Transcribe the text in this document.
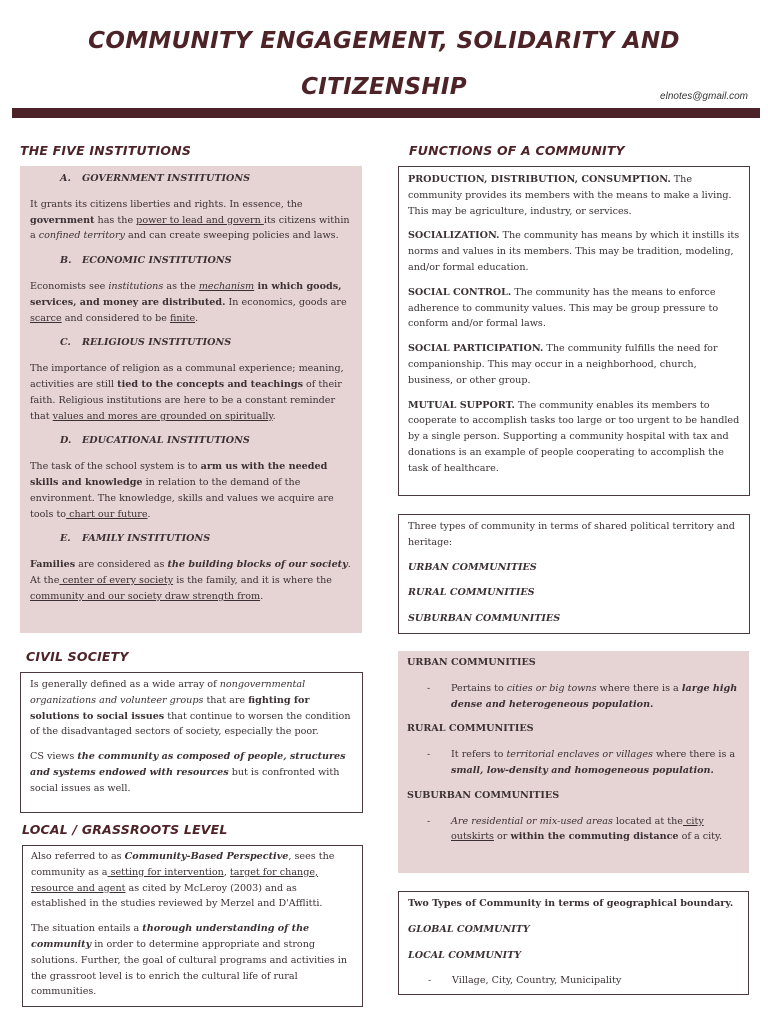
COMMUNITY ENGAGEMENT, SOLIDARITY AND
CITIZENSHIP	elnotes@gmail.com
THE FIVE INSTITUTIONS

A. GOVERNMENT INSTITUTIONS

It grants its citizens liberties and rights. In essence, the government has the power to lead and govern its citizens within a confined territory and can create sweeping policies and laws.

B. ECONOMIC INSTITUTIONS

Economists see institutions as the mechanism in which goods, services, and money are distributed. In economics, goods are scarce and considered to be finite.

C. RELIGIOUS INSTITUTIONS

The importance of religion as a communal experience; meaning, activities are still tied to the concepts and teachings of their faith. Religious institutions are here to be a constant reminder that values and mores are grounded on spiritually.

D. EDUCATIONAL INSTITUTIONS

The task of the school system is to arm us with the needed skills and knowledge in relation to the demand of the environment. The knowledge, skills and values we acquire are tools to chart our future.

E. FAMILY INSTITUTIONS

Families are considered as the building blocks of our society. At the center of every society is the family, and it is where the community and our society draw strength from.

CIVIL SOCIETY

Is generally defined as a wide array of nongovernmental organizations and volunteer groups that are fighting for solutions to social issues that continue to worsen the condition of the disadvantaged sectors of society, especially the poor.

CS views the community as composed of people, structures and systems endowed with resources but is confronted with social issues as well.

LOCAL / GRASSROOTS LEVEL

Also referred to as Community-Based Perspective, sees the community as a setting for intervention, target for change, resource and agent as cited by McLeroy (2003) and as established in the studies reviewed by Merzel and D'Afflitti.

The situation entails a thorough understanding of the community in order to determine appropriate and strong solutions. Further, the goal of cultural programs and activities in the grassroot level is to enrich the cultural life of rural communities.

FUNCTIONS OF A COMMUNITY

PRODUCTION, DISTRIBUTION, CONSUMPTION. The community provides its members with the means to make a living. This may be agriculture, industry, or services.

SOCIALIZATION. The community has means by which it instills its norms and values in its members. This may be tradition, modeling, and/or formal education.

SOCIAL CONTROL. The community has the means to enforce adherence to community values. This may be group pressure to conform and/or formal laws.

SOCIAL PARTICIPATION. The community fulfills the need for companionship. This may occur in a neighborhood, church, business, or other group.

MUTUAL SUPPORT. The community enables its members to cooperate to accomplish tasks too large or too urgent to be handled by a single person. Supporting a community hospital with tax and donations is an example of people cooperating to accomplish the task of healthcare.

Three types of community in terms of shared political territory and heritage:

URBAN COMMUNITIES

RURAL COMMUNITIES

SUBURBAN COMMUNITIES

URBAN COMMUNITIES

-	Pertains to cities or big towns where there is a large high dense and heterogeneous population.

RURAL COMMUNITIES

-	It refers to territorial enclaves or villages where there is a small, low-density and homogeneous population.

SUBURBAN COMMUNITIES

-	Are residential or mix-used areas located at the city outskirts or within the commuting distance of a city.

Two Types of Community in terms of geographical boundary.

GLOBAL COMMUNITY

LOCAL COMMUNITY

-	Village, City, Country, Municipality
